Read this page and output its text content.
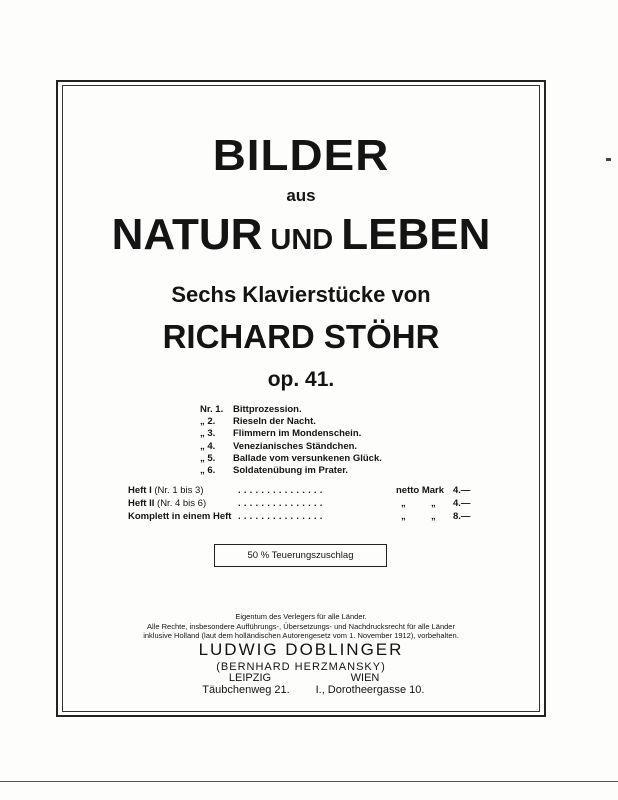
BILDER
aus
NATUR UND LEBEN
Sechs Klavierstücke von
RICHARD STÖHR
op. 41.
Nr. 1. Bittprozession.
„ 2. Rieseln der Nacht.
„ 3. Flimmern im Mondenschein.
„ 4. Venezianisches Ständchen.
„ 5. Ballade vom versunkenen Glück.
„ 6. Soldatenübung im Prater.
Heft I (Nr. 1 bis 3)	...............	netto Mark 4.—
Heft II (Nr. 4 bis 6)	...............	„	„ 4.—
Komplett in einem Heft ...............	„	„ 8.—
50 % Teuerungszuschlag

Eigentum des Verlegers für alle Länder.

Alle Rechte, insbesondere Aufführungs-, Übersetzungs- und Nachdrucksrecht für alle Länder

inklusive Holland (laut dem holländischen Autorengesetz vom 1. November 1912), vorbehalten.

LUDWIG DOBLINGER

(BERNHARD HERZMANSKY)

LEIPZIG

Täubchenweg 21.

WIEN

I., Dorotheergasse 10.
